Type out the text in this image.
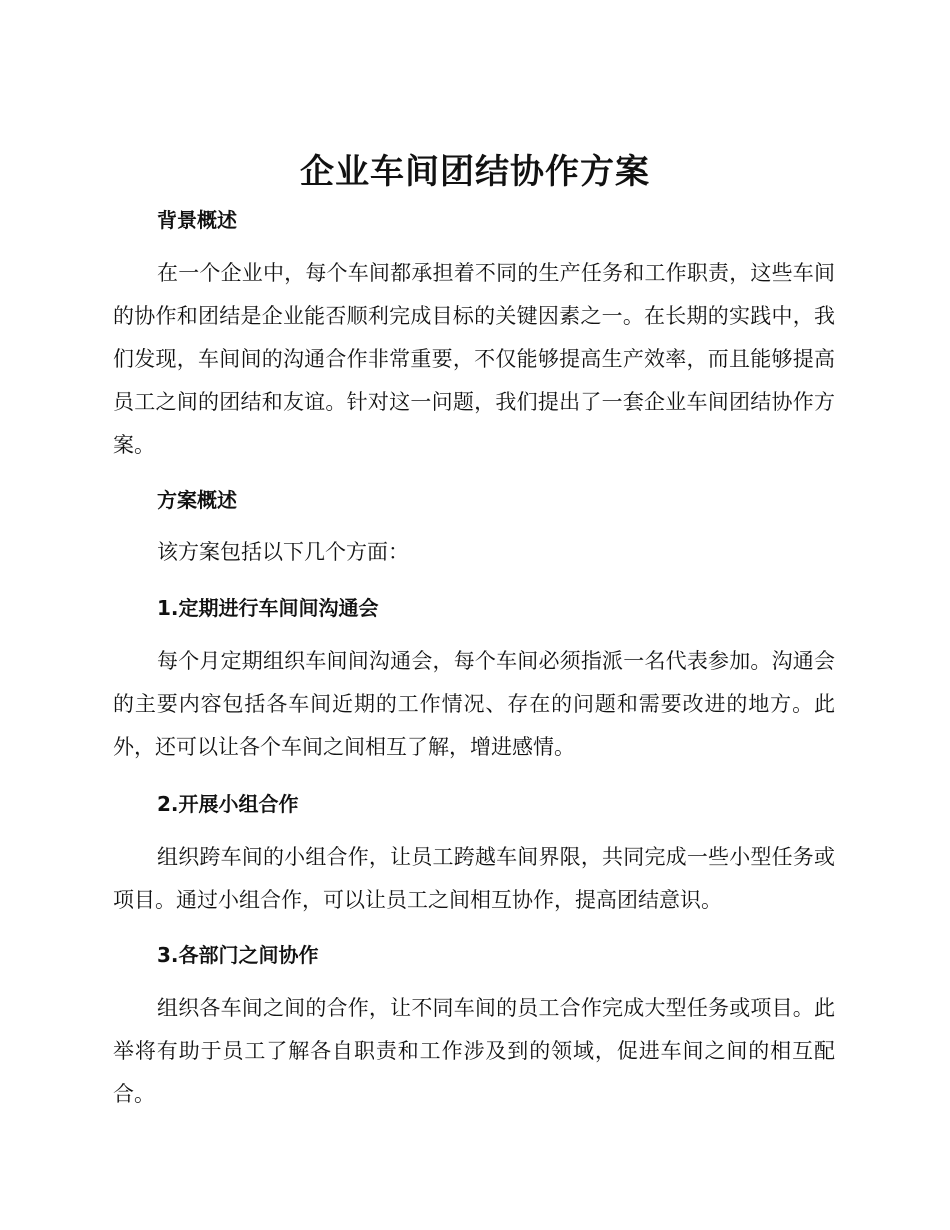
企业车间团结协作方案
背景概述

在一个企业中，每个车间都承担着不同的生产任务和工作职责，这些车间的协作和团结是企业能否顺利完成目标的关键因素之一。在长期的实践中，我们发现，车间间的沟通合作非常重要，不仅能够提高生产效率，而且能够提高员工之间的团结和友谊。针对这一问题，我们提出了一套企业车间团结协作方案。

方案概述

该方案包括以下几个方面：

1.定期进行车间间沟通会

每个月定期组织车间间沟通会，每个车间必须指派一名代表参加。沟通会的主要内容包括各车间近期的工作情况、存在的问题和需要改进的地方。此外，还可以让各个车间之间相互了解，增进感情。

2.开展小组合作

组织跨车间的小组合作，让员工跨越车间界限，共同完成一些小型任务或项目。通过小组合作，可以让员工之间相互协作，提高团结意识。

3.各部门之间协作

组织各车间之间的合作，让不同车间的员工合作完成大型任务或项目。此举将有助于员工了解各自职责和工作涉及到的领域，促进车间之间的相互配合。
